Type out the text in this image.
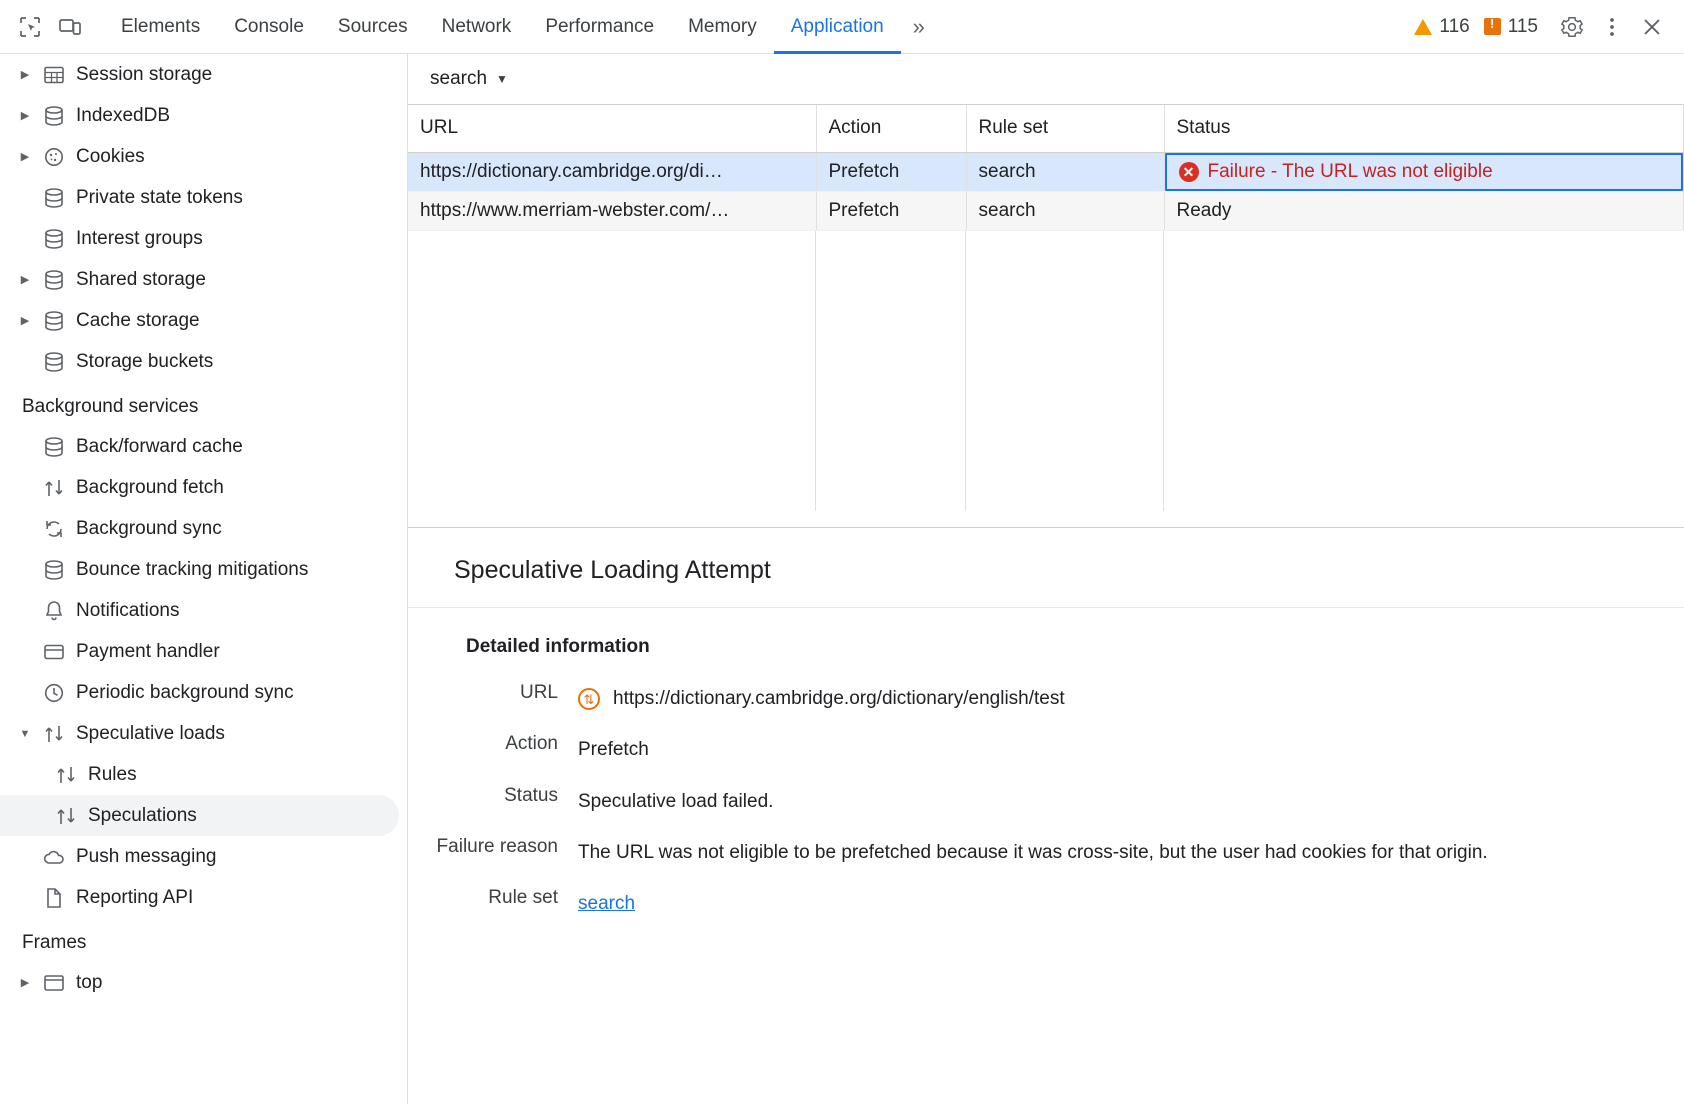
Elements	Console	Sources	Network	Performance	Memory	Application	»	116 ! 115
▶	Session storage
▶	IndexedDB
▶	Cookies
Private state tokens
Interest groups
▶	Shared storage
▶	Cache storage
Storage buckets
Background services
Back/forward cache
Background fetch
Background sync
Bounce tracking mitigations
Notifications
Payment handler
Periodic background sync
▼ Speculative loads
Rules
Speculations
Push messaging
Reporting API
Frames
▶	top
search ▼
URL	Action	Rule set	Status
https://dictionary.cambridge.org/di…	Prefetch	search	✕ Failure - The URL was not eligible

https://www.merriam-webster.com/…	Prefetch	search	Ready
Speculative Loading Attempt
Detailed information
URL	⇅ https://dictionary.cambridge.org/dictionary/english/test
Action	Prefetch
Status	Speculative load failed.
Failure reason	The URL was not eligible to be prefetched because it was cross-site, but the user had cookies for that origin.
Rule set	search
